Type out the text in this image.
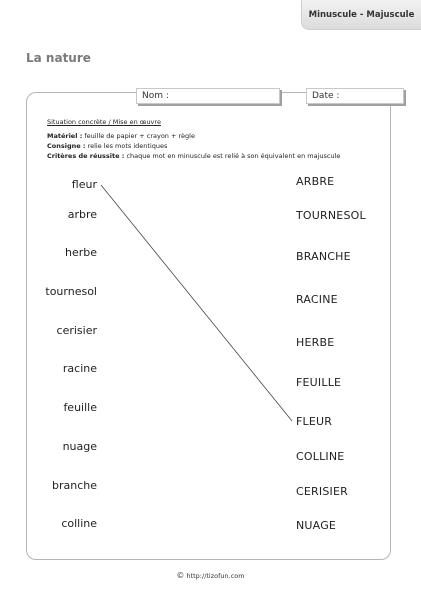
Minuscule - Majuscule
La nature
Nom :	Date :
Situation concrète / Mise en œuvre
Matériel : feuille de papier + crayon + règle
Consigne : relie les mots identiques
Critères de réussite : chaque mot en minuscule est relié à son équivalent en majuscule
fleur
arbre
herbe
tournesol
cerisier
racine
feuille
nuage
branche
colline
ARBRE
TOURNESOL
BRANCHE
RACINE
HERBE
FEUILLE
FLEUR
COLLINE
CERISIER
NUAGE
© http://tizofun.com
